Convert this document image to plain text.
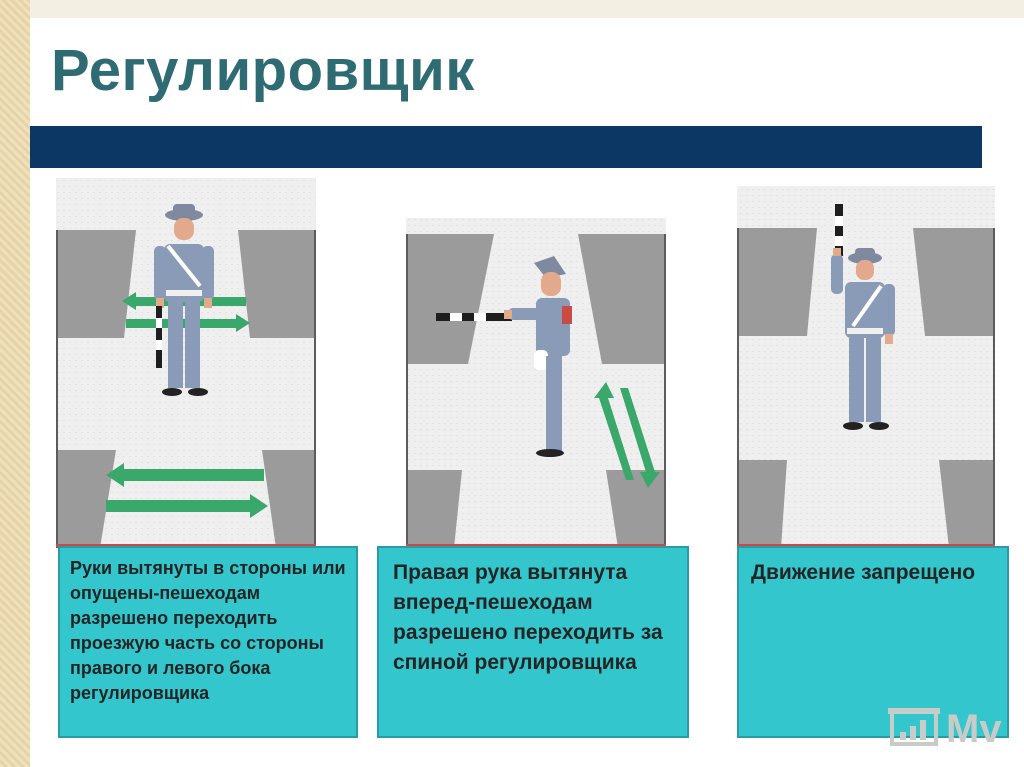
Регулировщик
Руки вытянуты в стороны или опущены-пешеходам разрешено переходить проезжую часть со стороны правого и левого бока регулировщика
Правая рука вытянута вперед-пешеходам разрешено переходить за спиной регулировщика
Движение запрещено
Mv
